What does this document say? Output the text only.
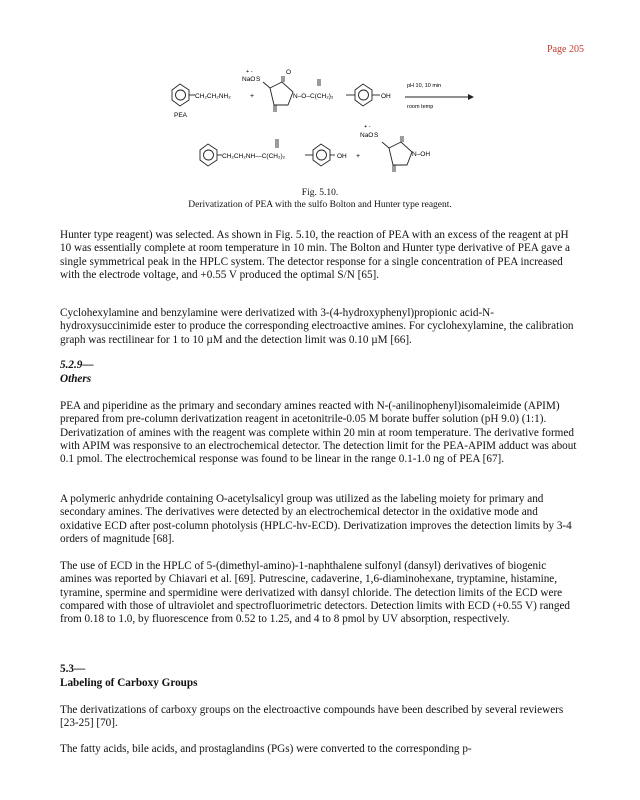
Page 205
+ -
NaO S
CH₂CH₂NH₂	+
PEA
O
N–O–C(CH₂)₂	OH
pH 10, 10 min
room temp
CH₂CH₂NH—C(CH₂)₂	OH +
+ -
NaO S
N–OH
Fig. 5.10.
Derivatization of PEA with the sulfo Bolton and Hunter type reagent.
Hunter type reagent) was selected. As shown in Fig. 5.10, the reaction of PEA with an excess of the reagent at pH 10 was essentially complete at room temperature in 10 min. The Bolton and Hunter type derivative of PEA gave a single symmetrical peak in the HPLC system. The detector response for a single concentration of PEA increased with the electrode voltage, and +0.55 V produced the optimal S/N [65].
Cyclohexylamine and benzylamine were derivatized with 3-(4-hydroxyphenyl)propionic acid-N-hydroxysuccinimide ester to produce the corresponding electroactive amines. For cyclohexylamine, the calibration graph was rectilinear for 1 to 10 µM and the detection limit was 0.10 µM [66].
5.2.9—
Others
PEA and piperidine as the primary and secondary amines reacted with N-(-anilinophenyl)isomaleimide (APIM) prepared from pre-column derivatization reagent in acetonitrile-0.05 M borate buffer solution (pH 9.0) (1:1). Derivatization of amines with the reagent was complete within 20 min at room temperature. The derivative formed with APIM was responsive to an electrochemical detector. The detection limit for the PEA-APIM adduct was about 0.1 pmol. The electrochemical response was found to be linear in the range 0.1-1.0 ng of PEA [67].
A polymeric anhydride containing O-acetylsalicyl group was utilized as the labeling moiety for primary and secondary amines. The derivatives were detected by an electrochemical detector in the oxidative mode and oxidative ECD after post-column photolysis (HPLC-hv-ECD). Derivatization improves the detection limits by 3-4 orders of magnitude [68].
The use of ECD in the HPLC of 5-(dimethyl-amino)-1-naphthalene sulfonyl (dansyl) derivatives of biogenic amines was reported by Chiavari et al. [69]. Putrescine, cadaverine, 1,6-diaminohexane, tryptamine, histamine, tyramine, spermine and spermidine were derivatized with dansyl chloride. The detection limits of the ECD were compared with those of ultraviolet and spectrofluorimetric detectors. Detection limits with ECD (+0.55 V) ranged from 0.18 to 1.0, by fluorescence from 0.52 to 1.25, and 4 to 8 pmol by UV absorption, respectively.
5.3—
Labeling of Carboxy Groups
The derivatizations of carboxy groups on the electroactive compounds have been described by several reviewers [23-25] [70].
The fatty acids, bile acids, and prostaglandins (PGs) were converted to the corresponding p-
